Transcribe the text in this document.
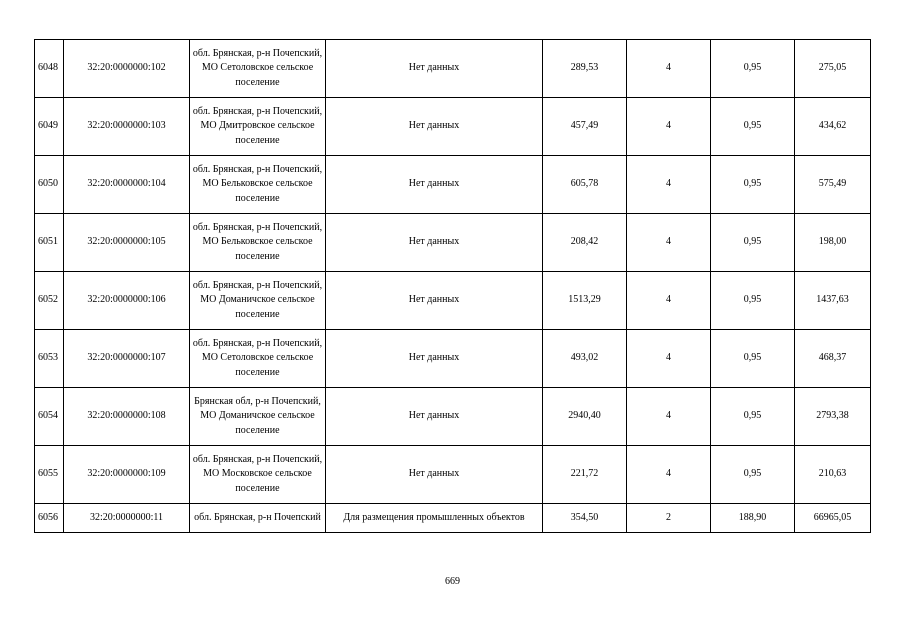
6048	32:20:0000000:102	обл. Брянская, р-н Почепский, МО Сетоловское сельское поселение	Нет данных	289,53	4	0,95	275,05
6049	32:20:0000000:103	обл. Брянская, р-н Почепский, МО Дмитровское сельское поселение	Нет данных	457,49	4	0,95	434,62
6050	32:20:0000000:104	обл. Брянская, р-н Почепский, МО Бельковское сельское поселение	Нет данных	605,78	4	0,95	575,49
6051	32:20:0000000:105	обл. Брянская, р-н Почепский, МО Бельковское сельское поселение	Нет данных	208,42	4	0,95	198,00
6052	32:20:0000000:106	обл. Брянская, р-н Почепский, МО Доманичское сельское поселение	Нет данных	1513,29	4	0,95	1437,63
6053	32:20:0000000:107	обл. Брянская, р-н Почепский, МО Сетоловское сельское поселение	Нет данных	493,02	4	0,95	468,37
6054	32:20:0000000:108	Брянская обл, р-н Почепский, МО Доманичское сельское поселение	Нет данных	2940,40	4	0,95	2793,38
6055	32:20:0000000:109	обл. Брянская, р-н Почепский, МО Московское сельское поселение	Нет данных	221,72	4	0,95	210,63
6056	32:20:0000000:11	обл. Брянская, р-н Почепский	Для размещения промышленных объектов	354,50	2	188,90	66965,05
669
